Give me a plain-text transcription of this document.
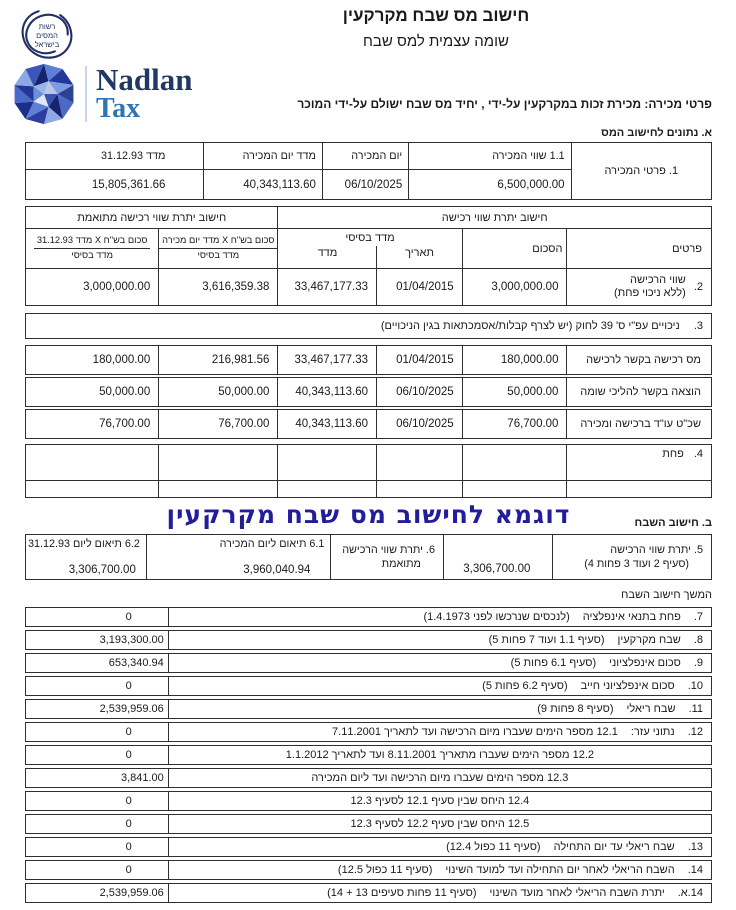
רשות
המסים
בישראל
חישוב מס שבח מקרקעין
שומה עצמית למס שבח
Nadlan
Tax	פרטי מכירה: מכירת זכות במקרקעין על-ידי , יחיד מס שבח ישולם על-ידי המוכר
א. נתונים לחישוב המס
1. פרטי המכירה
1.1 שווי המכירה
6,500,000.00
יום המכירה
06/10/2025
מדד יום המכירה
40,343,113.60
מדד 31.12.93
15,805,361.66
חישוב יתרת שווי רכישה
חישוב יתרת שווי רכישה מתואמת
פרטים
הסכום
מדד בסיסי
תאריך
מדד
$\frac{\text{סכום בש"ח X מדד יום מכירה}}{\text{מדד בסיסי}}$
$\frac{\text{סכום בש"ח X מדד 31.12.93}}{\text{מדד בסיסי}}$
2.
שווי הרכישה
(ללא ניכוי פחת)
3,000,000.00
01/04/2015
33,467,177.33
3,616,359.38
3,000,000.00
3.
ניכויים עפ"י ס' 39 לחוק (יש לצרף קבלות/אסמכתאות בגין הניכויים)
מס רכישה בקשר לרכישה
180,000.00
01/04/2015
33,467,177.33
216,981.56
180,000.00
הוצאה בקשר להליכי שומה
50,000.00
06/10/2025
40,343,113.60
50,000.00
50,000.00
שכ"ט עו"ד ברכישה ומכירה
76,700.00
06/10/2025
40,343,113.60
76,700.00
76,700.00
4.
פחת
דוגמא לחישוב מס שבח מקרקעין	ב. חישוב השבח
5. יתרת שווי הרכישה
(סעיף 2 ועוד 3 פחות 4)
3,306,700.00
6. יתרת שווי הרכישה
מתואמת
6.1 תיאום ליום המכירה
3,960,040.94
6.2 תיאום ליום 31.12.93
3,306,700.00
המשך חישוב השבח
7.
פחת בתנאי אינפלציה
(לנכסים שנרכשו לפני 1.4.1973)
0
8.
שבח מקרקעין
(סעיף 1.1 ועוד 7 פחות 5)
3,193,300.00
9.
סכום אינפלציוני
(סעיף 6.1 פחות 5)
653,340.94
10.
סכום אינפלציוני חייב
(סעיף 6.2 פחות 5)
0
11.
שבח ריאלי
(סעיף 8 פחות 9)
2,539,959.06
12.
נתוני עזר:
12.1 מספר הימים שעברו מיום הרכישה ועד לתאריך 7.11.2001
0
12.2 מספר הימים שעברו מתאריך 8.11.2001 ועד לתאריך 1.1.2012
0
12.3 מספר הימים שעברו מיום הרכישה ועד ליום המכירה
3,841.00
12.4 היחס שבין סעיף 12.1 לסעיף 12.3
0
12.5 היחס שבין סעיף 12.2 לסעיף 12.3
0
13.
שבח ריאלי עד יום התחילה
(סעיף 11 כפול 12.4)
0
14.
השבח הריאלי לאחר יום התחילה ועד למועד השינוי
(סעיף 11 כפול 12.5)
0
14.א.
יתרת השבח הריאלי לאחר מועד השינוי
(סעיף 11 פחות סעיפים 13 + 14)
2,539,959.06
